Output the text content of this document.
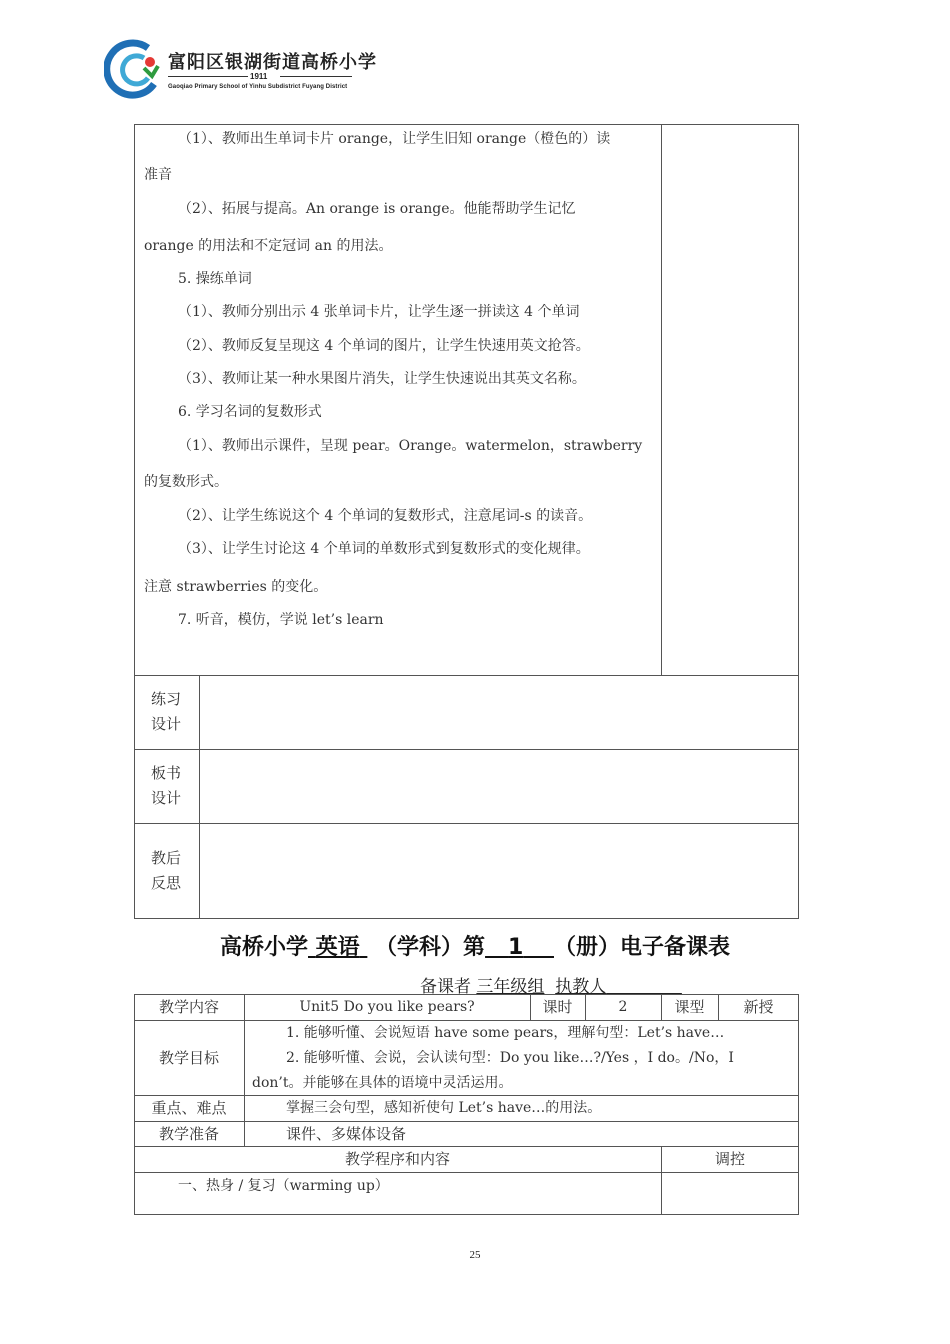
富阳区银湖街道高桥小学
1911
Gaoqiao Primary School of Yinhu Subdistrict Fuyang District
（1）、教师出生单词卡片 orange，让学生旧知 orange（橙色的）读
准音
（2）、拓展与提高。An orange is orange。他能帮助学生记忆
orange 的用法和不定冠词 an 的用法。
5. 操练单词
（1）、教师分别出示 4 张单词卡片，让学生逐一拼读这 4 个单词
（2）、教师反复呈现这 4 个单词的图片，让学生快速用英文抢答。
（3）、教师让某一种水果图片消失，让学生快速说出其英文名称。
6. 学习名词的复数形式
（1）、教师出示课件，呈现 pear。Orange。watermelon，strawberry
的复数形式。
（2）、让学生练说这个 4 个单词的复数形式，注意尾词-s 的读音。
（3）、让学生讨论这 4 个单词的单数形式到复数形式的变化规律。
注意 strawberries 的变化。
7. 听音，模仿，学说 let’s learn
练习
设计
板书
设计
教后
反思
高桥小学 英语 （学科）第 1 （册）电子备课表
备课者 三年级组 执教人
教学内容	Unit5 Do you like pears?	课时	2	课型	新授
教学目标
1. 能够听懂、会说短语 have some pears，理解句型：Let’s have…
2. 能够听懂、会说，会认读句型：Do you like…?/Yes ，I do。/No，I
don’t。并能够在具体的语境中灵活运用。
重点、难点	掌握三会句型，感知祈使句 Let’s have…的用法。
教学准备	课件、多媒体设备
教学程序和内容	调控
一、热身 / 复习（warming up）
25
